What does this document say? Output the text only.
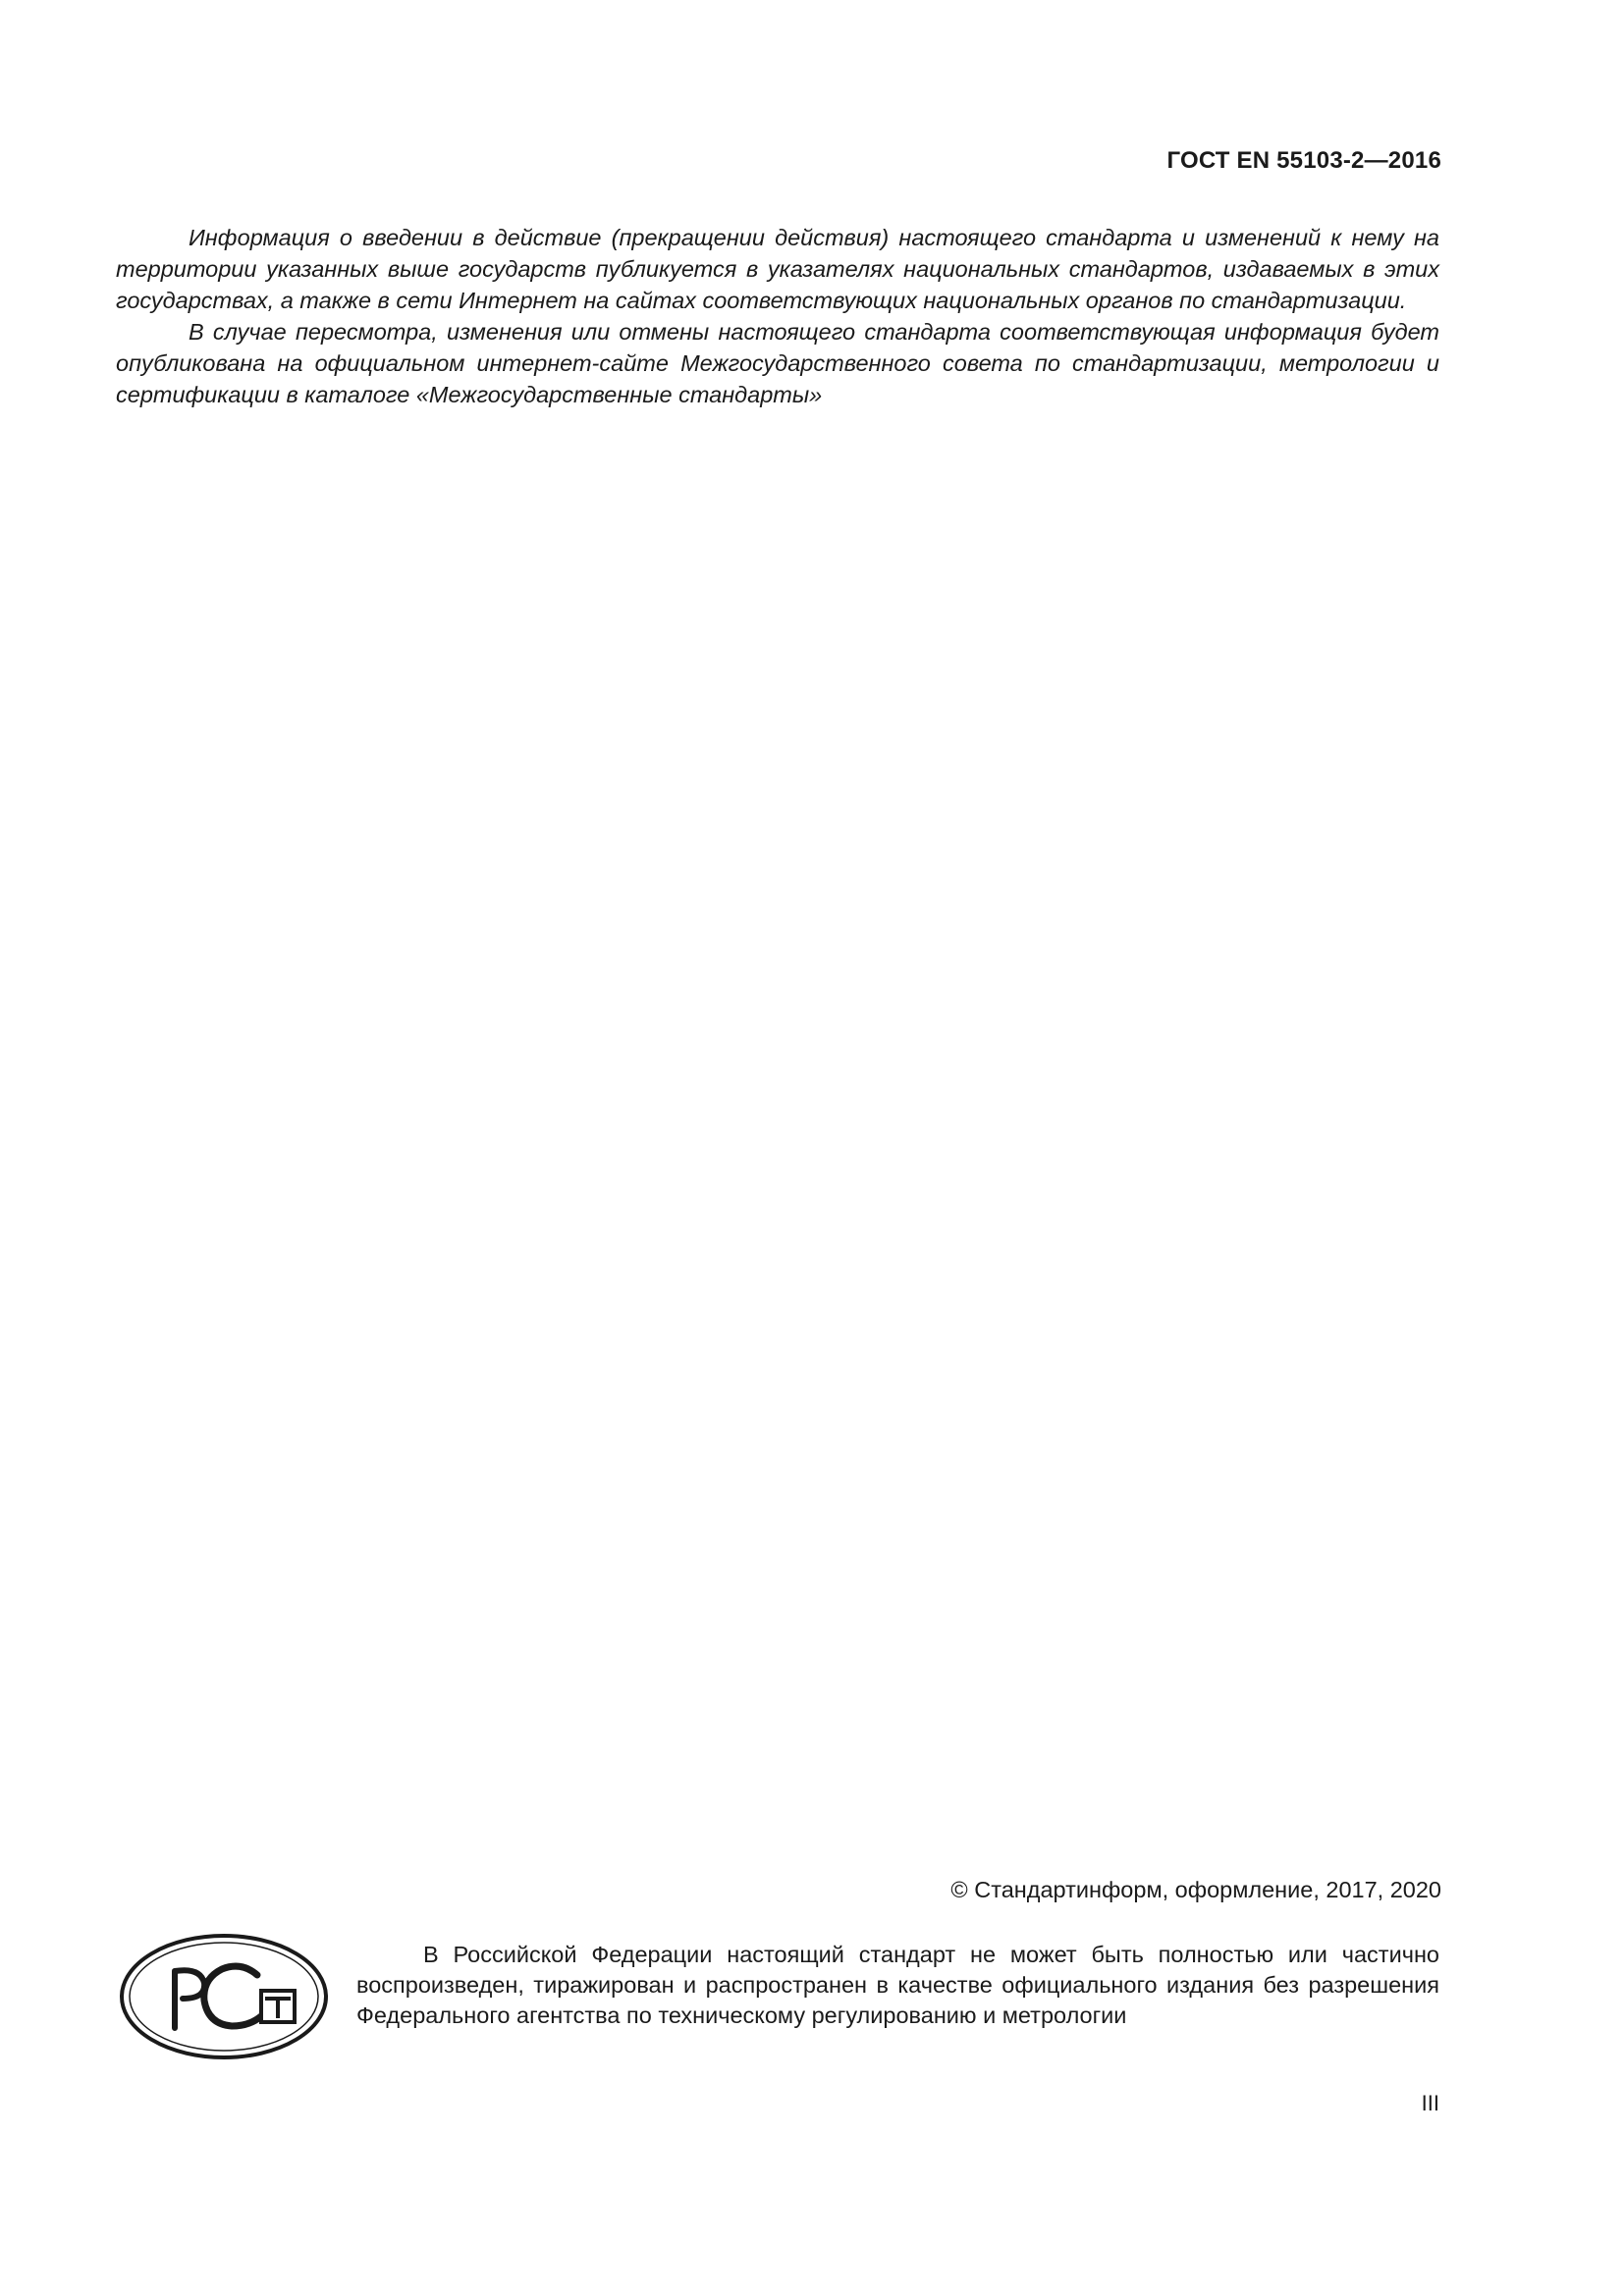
ГОСТ EN 55103-2—2016

Информация о введении в действие (прекращении действия) настоящего стандарта и изменений к нему на территории указанных выше государств публикуется в указателях национальных стандартов, издаваемых в этих государствах, а также в сети Интернет на сайтах соответствующих национальных органов по стандартизации.

В случае пересмотра, изменения или отмены настоящего стандарта соответствующая информация будет опубликована на официальном интернет-сайте Межгосударственного совета по стандартизации, метрологии и сертификации в каталоге «Межгосударственные стандарты»

© Стандартинформ, оформление, 2017, 2020

В Российской Федерации настоящий стандарт не может быть полностью или частично воспроизведен, тиражирован и распространен в качестве официального издания без разрешения Федерального агентства по техническому регулированию и метрологии

III
